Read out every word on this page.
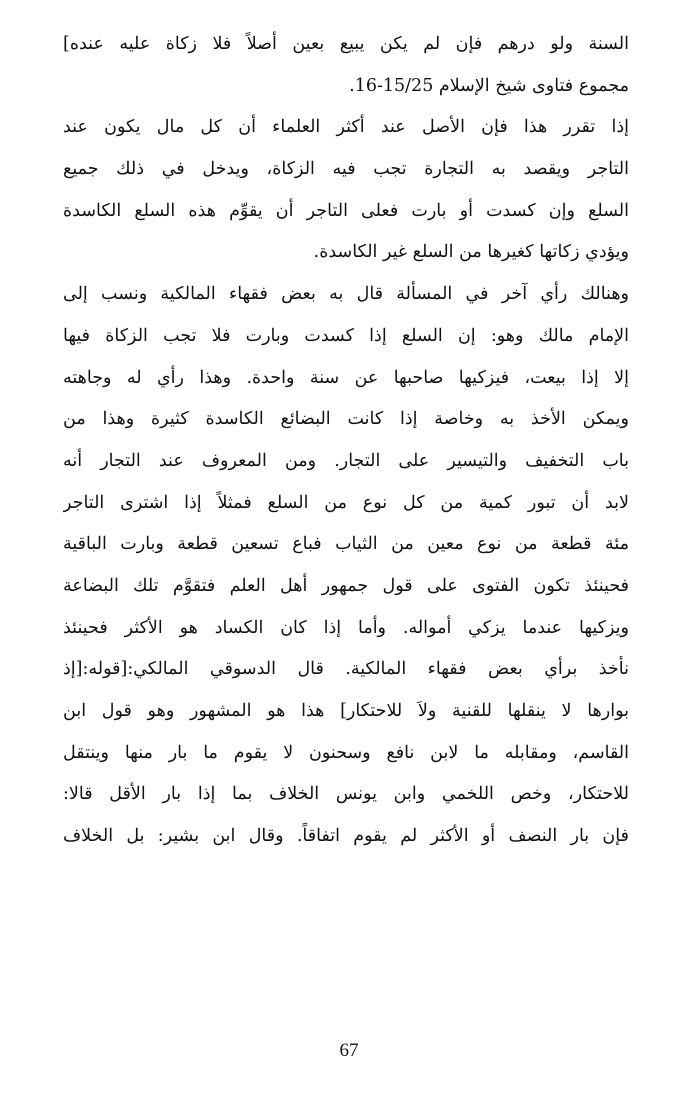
السنة ولو درهم فإن لم يكن يبيع بعين أصلاً فلا زكاة عليه عنده]
مجموع فتاوى شيخ الإسلام 15/25-16.
إذا تقرر هذا فإن الأصل عند أكثر العلماء أن كل مال يكون عند
التاجر ويقصد به التجارة تجب فيه الزكاة، ويدخل في ذلك جميع
السلع وإن كسدت أو بارت فعلى التاجر أن يقوِّم هذه السلع الكاسدة
ويؤدي زكاتها كغيرها من السلع غير الكاسدة.
وهنالك رأي آخر في المسألة قال به بعض فقهاء المالكية ونسب إلى
الإمام مالك وهو: إن السلع إذا كسدت وبارت فلا تجب الزكاة فيها
إلا إذا بيعت، فيزكيها صاحبها عن سنة واحدة. وهذا رأي له وجاهته
ويمكن الأخذ به وخاصة إذا كانت البضائع الكاسدة كثيرة وهذا من
باب التخفيف والتيسير على التجار. ومن المعروف عند التجار أنه
لابد أن تبور كمية من كل نوع من السلع فمثلاً إذا اشترى التاجر
مئة قطعة من نوع معين من الثياب فباع تسعين قطعة وبارت الباقية
فحينئذ تكون الفتوى على قول جمهور أهل العلم فتقوَّم تلك البضاعة
ويزكيها عندما يزكي أمواله. وأما إذا كان الكساد هو الأكثر فحينئذ
نأخذ برأي بعض فقهاء المالكية. قال الدسوقي المالكي:[قوله:[إذ
بوارها لا ينقلها للقنية ولاَ للاحتكار] هذا هو المشهور وهو قول ابن
القاسم، ومقابله ما لابن نافع وسحنون لا يقوم ما بار منها وينتقل
للاحتكار، وخص اللخمي وابن يونس الخلاف بما إذا بار الأقل قالا:
فإن بار النصف أو الأكثر لم يقوم اتفاقاً. وقال ابن بشير: بل الخلاف
67
